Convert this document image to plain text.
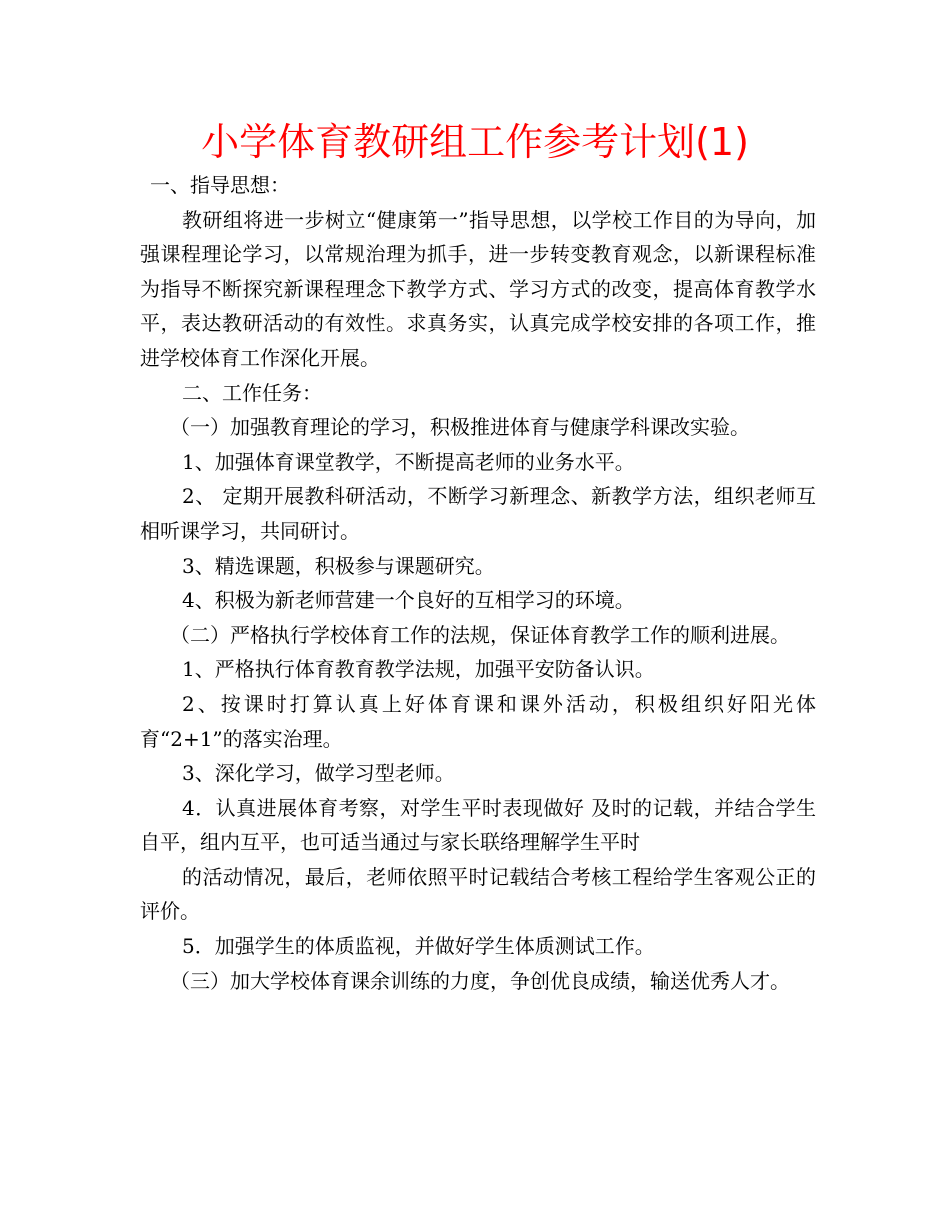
小学体育教研组工作参考计划(1)

一、指导思想：

教研组将进一步树立“健康第一”指导思想，以学校工作目的为导向，加强课程理论学习，以常规治理为抓手，进一步转变教育观念，以新课程标准为指导不断探究新课程理念下教学方式、学习方式的改变，提高体育教学水平，表达教研活动的有效性。求真务实，认真完成学校安排的各项工作，推进学校体育工作深化开展。

二、工作任务：

（一）加强教育理论的学习，积极推进体育与健康学科课改实验。

1、加强体育课堂教学，不断提高老师的业务水平。

2、 定期开展教科研活动，不断学习新理念、新教学方法，组织老师互相听课学习，共同研讨。

3、精选课题，积极参与课题研究。

4、积极为新老师营建一个良好的互相学习的环境。

（二）严格执行学校体育工作的法规，保证体育教学工作的顺利进展。

1、严格执行体育教育教学法规，加强平安防备认识。

2、按课时打算认真上好体育课和课外活动，积极组织好阳光体育“2+1”的落实治理。

3、深化学习，做学习型老师。

4．认真进展体育考察，对学生平时表现做好 及时的记载，并结合学生自平，组内互平，也可适当通过与家长联络理解学生平时

的活动情况，最后，老师依照平时记载结合考核工程给学生客观公正的评价。

5．加强学生的体质监视，并做好学生体质测试工作。

（三）加大学校体育课余训练的力度，争创优良成绩，输送优秀人才。
